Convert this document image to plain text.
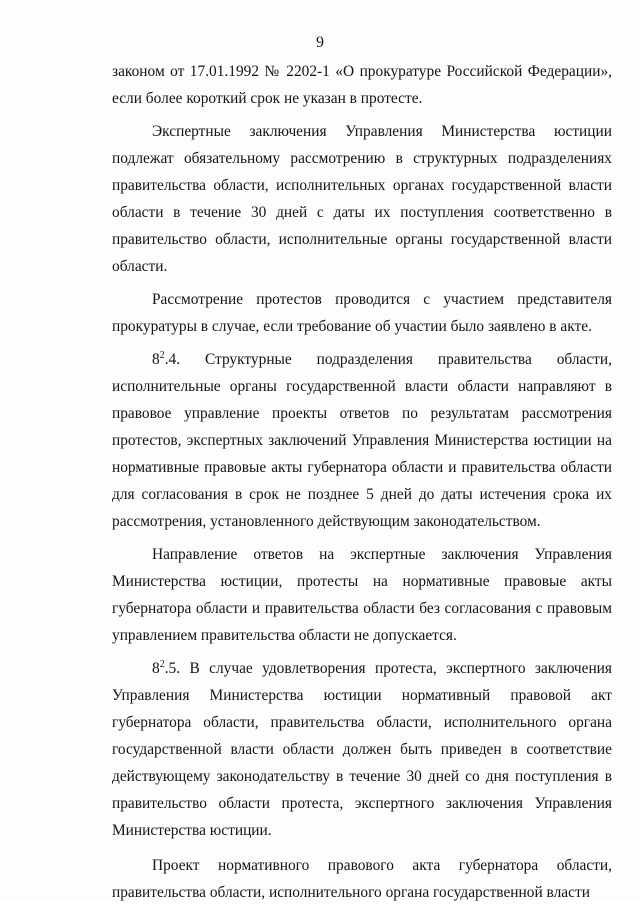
9

законом от 17.01.1992 № 2202-1 «О прокуратуре Российской Федерации», если более короткий срок не указан в протесте.

Экспертные заключения Управления Министерства юстиции подлежат обязательному рассмотрению в структурных подразделениях правительства области, исполнительных органах государственной власти области в течение 30 дней с даты их поступления соответственно в правительство области, исполнительные органы государственной власти области.

Рассмотрение протестов проводится с участием представителя прокуратуры в случае, если требование об участии было заявлено в акте.

$8^2.4$. Структурные подразделения правительства области, исполнительные органы государственной власти области направляют в правовое управление проекты ответов по результатам рассмотрения протестов, экспертных заключений Управления Министерства юстиции на нормативные правовые акты губернатора области и правительства области для согласования в срок не позднее 5 дней до даты истечения срока их рассмотрения, установленного действующим законодательством.

Направление ответов на экспертные заключения Управления Министерства юстиции, протесты на нормативные правовые акты губернатора области и правительства области без согласования с правовым управлением правительства области не допускается.

$8^2.5$. В случае удовлетворения протеста, экспертного заключения Управления Министерства юстиции нормативный правовой акт губернатора области, правительства области, исполнительного органа государственной власти области должен быть приведен в соответствие действующему законодательству в течение 30 дней со дня поступления в правительство области протеста, экспертного заключения Управления Министерства юстиции.

Проект нормативного правового акта губернатора области, правительства области, исполнительного органа государственной власти
